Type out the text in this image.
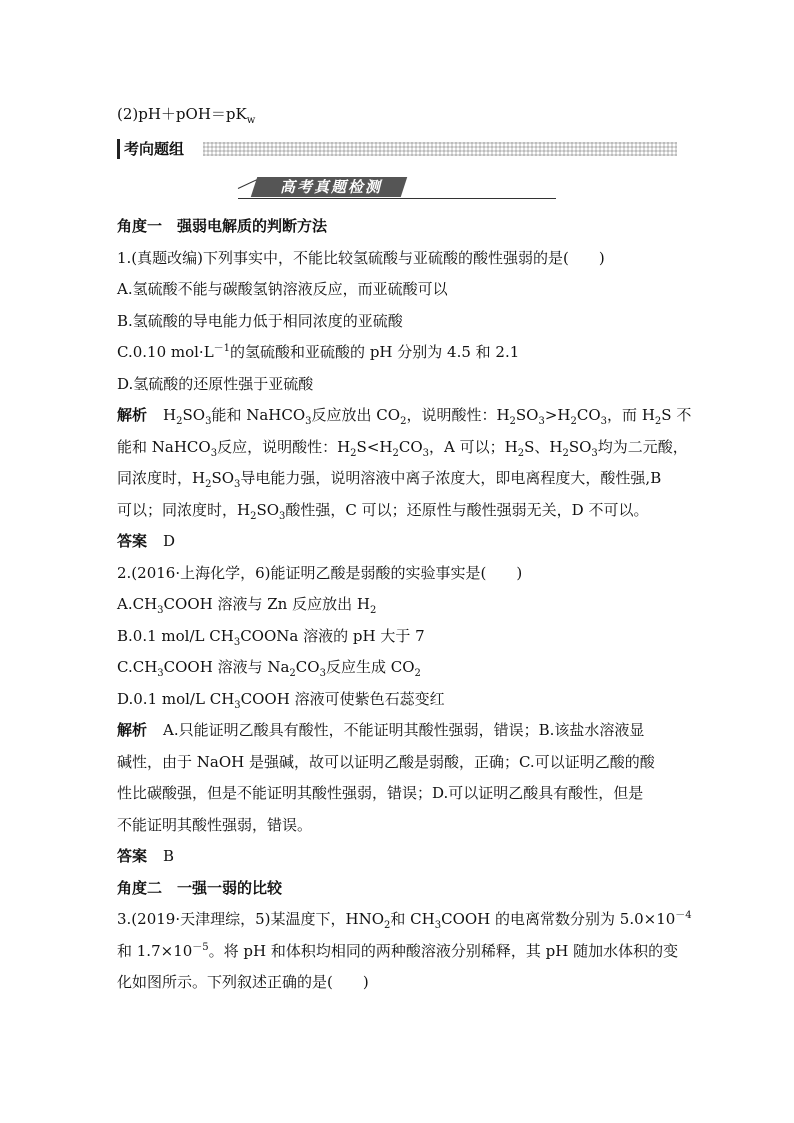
$(2)pH+pOH=pK_w$

考向题组
高考真题检测

角度一　强弱电解质的判断方法

1.(真题改编)下列事实中，不能比较氢硫酸与亚硫酸的酸性强弱的是(　　)

A.氢硫酸不能与碳酸氢钠溶液反应，而亚硫酸可以

B.氢硫酸的导电能力低于相同浓度的亚硫酸

C.0.10 $mol\cdot L^{-1}$的氢硫酸和亚硫酸的 pH 分别为 4.5 和 2.1

D.氢硫酸的还原性强于亚硫酸

解析 $H_2SO_3$能和 NaHCO$_3$反应放出 $CO_2$，说明酸性：$H_2SO_3>H_2CO_3$，而 $H_2S$ 不

能和 NaHCO$_3$反应，说明酸性：$H_2S<H_2CO_3$，A 可以；$H_2S$、$H_2SO_3$均为二元酸，

同浓度时，$H_2SO_3$导电能力强，说明溶液中离子浓度大，即电离程度大，酸性强,B

可以；同浓度时，$H_2SO_3$酸性强，C 可以；还原性与酸性强弱无关，D 不可以。

答案 D

2.(2016·上海化学，6)能证明乙酸是弱酸的实验事实是(　　)

$A.CH_3COOH$ 溶液与 Zn 反应放出 $H_2$

B.0.1 mol/L $CH_3COONa$ 溶液的 pH 大于 7

$C.CH_3COOH$ 溶液与 $Na_2CO_3$反应生成 $CO_2$

D.0.1 mol/L $CH_3COOH$ 溶液可使紫色石蕊变红

解析 A.只能证明乙酸具有酸性，不能证明其酸性强弱，错误；B.该盐水溶液显

碱性，由于 NaOH 是强碱，故可以证明乙酸是弱酸，正确；C.可以证明乙酸的酸

性比碳酸强，但是不能证明其酸性强弱，错误；D.可以证明乙酸具有酸性，但是

不能证明其酸性强弱，错误。

答案 B

角度二　一强一弱的比较

3.(2019·天津理综，5)某温度下，$HNO_2$和 $CH_3COOH$ 的电离常数分别为 $5.0\times 10^{-4}$

和 $1.7\times 10^{-5}$。将 pH 和体积均相同的两种酸溶液分别稀释，其 pH 随加水体积的变

化如图所示。下列叙述正确的是(　　)
